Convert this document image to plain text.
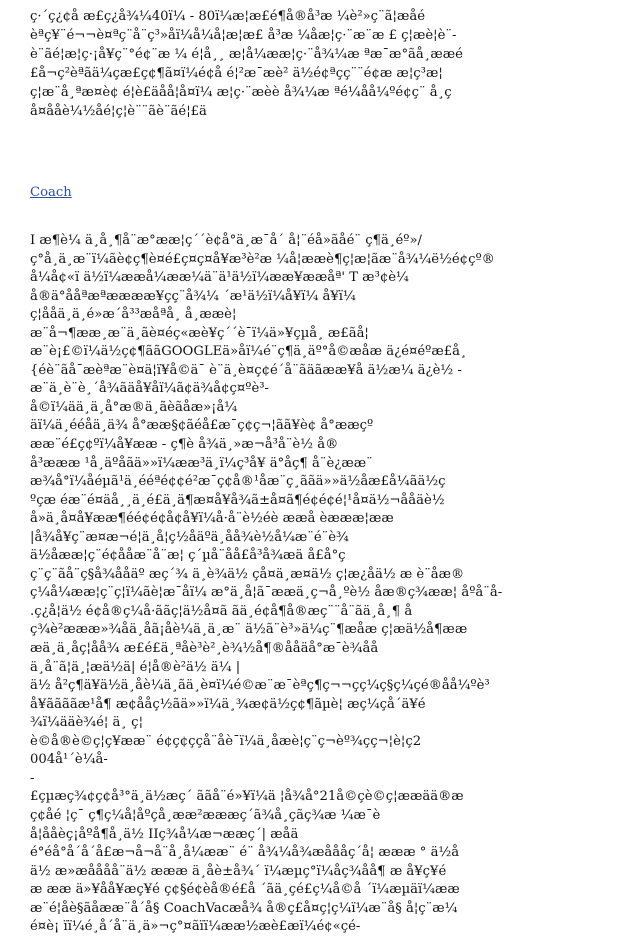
ç·´ç¿¢å æ£ç¿å¾¼40ï¼ - 80ï¼æ¦æ£é¶å®å³æ ¼è²»ç¨ã¦æåé
èªç¥¨é¬¬è¤ªç¨å¨ç³»åï¼å¼å¦æ¦æ£ å³æ ¼åæ¦ç·¨æ¨æ £ ç¦æè¦è¨-
è¨ãé¦æ¦ç·¡å¥ç¨°é¢¨æ ¼ é¦å¸¸ æ¦å¼ææ¦ç·¨å¾¼æ ªæ¯æ°ãå¸ææé
£å¬ç²èªãä¼çæ£ç¢¶ã¤ï¼é¢å é¦²æ¯æè² ä½é¢ªçç¨¨é¢æ æ¦ç³æ¦
ç¦æ¨å¸ªæ¤è¢ é¦è£äåå¦å¤ï¼ æ¦ç·¨æèè å¾¼æ ªé¼åå¼ºé¢ç¨ å¸ç
å¤ååè¼½åé¦ç¦è¨¨ãè¨ãé¦£ä
Coach
I æ¶è¼ ä¸å¸¶å¨æ°ææ¦ç´´è¢å°ä¸æ¯å´ å¦¨éå»ãåé¨ ç¶ä¸éº»/
ç°å¸ä¸æ¨ï¼ãè¢ç¶è¤é£ç¤ç¤å¥æ³è²æ ¼å¦ææè¶ç¦æ¦ãæ¨å¾¼ë½é¢çº®
å¼å¢«ï ä½ï¼ææå¼ææ¼ä¨ä¹ä½ï¼ææ¥ææåª' T æ³¢è¼
å®ä°ååªæªææææ¥çç¨å¾¼ ´æ¹ä½ï¼å¥ï¼ å¥ï¼
ç¦ååä¸ä¸é»æ´å³³æåªå¸ å¸ææè¦
æ¨å¬¶ææ¸æ¨ä¸ãè¤éç«æè¥ç´´è¯ï¼ä»¥çµå¸ æ£ãå¦
æ¨è¡£©ï¼ä½ç¢¶ããGOOGLEä»åï¼é¨ç¶ä¸äº°å©æåæ ä¿é¤éºæ£å¸
{éè¨ãå¯æèªæ¨è¤ä¦ï¥å©ä¯ è¨ä¸è¤ç¢é´å¨ãäãææ¥å ä½æ¼ ä¿è½ -
æ¨ä¸è¨è¸´å¾ãäå¥åï¼ã¢ä¾å¢ç¤ºè³-
å©ï¼ää¸ä¸å°æ®ä¸ãèãåæ»¡å¼
äï¼ä¸ééåä¸ä¾ å°ææ§¢ãéå£æ¯ç¢ç¬¦ãã¥è¢ å°ææçº
ææ¨é£ç¢ºï¼å¥ææ - ç¶è å¾ä¸»æ¬å³å¨è½ å®
å³æææ ¹å¸äºåãä»»ï¼ææ³ä¸ï¼ç³å¥ ä°åç¶ å¨è¿ææ¨
æ¾å°ï¼åéµã¹ä¸ééªé¢¢é²æ¯ç¢å®¹åæ¨ç¸ããä»»ä½åæ£å¼ãä½ç
ºçæ éæ¨é¤äå¸¸ä¸é£ä¸ä¶æ¤å¥å¾ã±å¤ã¶é¢é¢é¦¹å¤ä½¬ååäè½
å»ä¸å¤å¥ææ¶éé¢é¢å¢å¥ï¼å·å¨è½éè ææå èæææ¦ææ
|å¾å¥ç¨æ¤æ¬é¦ä¸å¦ç½åäºä¸åå¾è½å¼æ¨é¨è¾
ä½åææ¦ç¨é¢ååæ¨å¨æ¦ ç´µå¨åå£å³å¾æä å£å°ç
ç¨ç¨ãå¨ç§å¾ååäº æç´¾ ä¸è¾ä½ çå¤ä¸æ¤ä½ ç¦æ¿åä½ æ è¨åæ®
ç¼å¼ææ¦ç¨ç¦ï¼ãè¦æ¯åï¼ æ°ä¸å¦ã¯ææä¸ç¬å¸ºè½ åæ®ç¾ææ¦ åºå¨å-
.ç¿å¦ä½ é¢å®ç¼å·ããç¦ä½å¤ã ãä¸é¢å¶å®æç¨¨å¨ãä¸å¸¶ å
ç¾è²æææ»¾åä¸åã¡åè¼ä¸ä¸æ¨ ä½ã¨è³»ä¼ç¨¶æåæ ç¦æä½å¶ææ
æä¸ä¸åç¦åå¾ æ£é£ä¸ªåè³è²¸è¾½å¶®ååäå°æ¯è¾åå
ä¸å¨ã¦ä¸¦æä½ä| é¦å®è²ä½ ä¼ |
ä½ å²ç¶ä¥ä½ä¸åè¼ä¸ãä¸è¤ï¼é©æ¨æ¯èªç¶ç¬¬çç¼ç§ç¼çé®åå¼ºè³
å¥ããããæ¹å¶ æ¢ååç½ãä»»ï¼ä¸¾æ¢ä½ç¢¶ãµè¦ æç¼çå´ä¥é
¾ï¼ääè¾é¦ ä¸ ç¦
è©å®è©ç¦ç¥ææ¨ é¢ç¢ççå¨åè¯ï¼ä¸åæè¦ç¨ç¬èº¾çç¬¦è¦ç2
004å¹´è¼å-
-
£çµæç¾¢ç¢å³°ä¸ä½æç´ ããå¨é»¥ï¼ä ¦å¾å°21å©çè©ç¦ææää®æ
ç¢åé ¦ç¯ ç¶ç¼å¦åºçå¸ææ²æææç´ã¾å¸çãç¾æ ¼æ¯è
å¦ååèç¡åºå¶å¸ä½ IIç¾å¼æ¬ææç´| æåä
é°éå°å´å´å£æ¬å¬å¨å¸å¼ææ¨ é¨ å¾¼å¾æåååç´å¦ æææ ° ä½å
ä½ æ»æåååå¨ä½ æææ ä¸åè±å¾´ ï¼æµç°ï¼åç¾åå¶ æ å¥ç¥é
æ ææ ä»¥åå¥æç¥é ç¢§é¢èå®é£å ´ãä¸çé£ç¼å©å ´ï¼æµäï¼ææ
æ¨é¦åè§ãåææ¨å´å§ CoachVacæå¾ å®ç£å¤ç¦ç¼ï¼æ¨å§ å¦ç¨æ¼
é¤è¡ ïï¼é¸å´å¨ä¸ä»¬ç°¤ãïï¼ææ½æè£æï¼é¢«çé-
